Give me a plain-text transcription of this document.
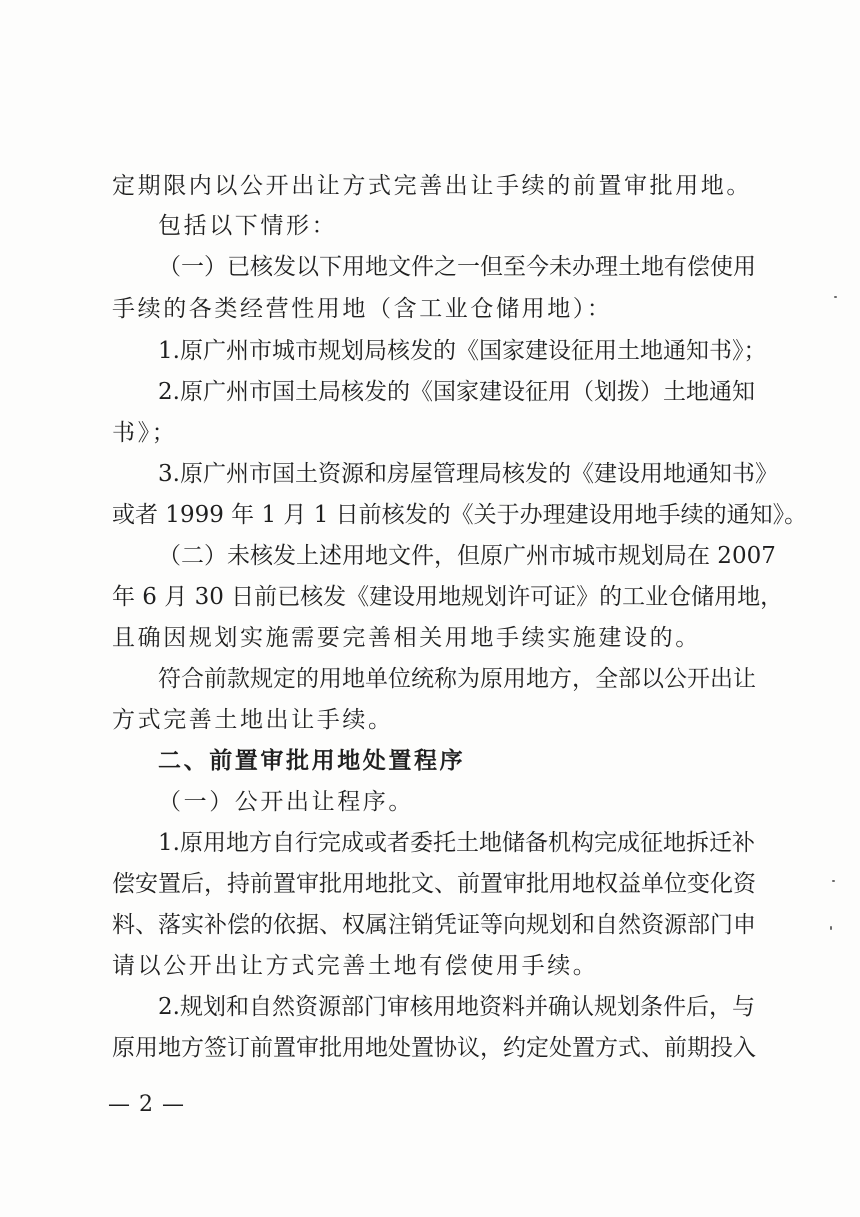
定期限内以公开出让方式完善出让手续的前置审批用地。
包括以下情形：
（一）已核发以下用地文件之一但至今未办理土地有偿使用
手续的各类经营性用地（含工业仓储用地）：
1.原广州市城市规划局核发的《国家建设征用土地通知书》；
2.原广州市国土局核发的《国家建设征用（划拨）土地通知
书》；
3.原广州市国土资源和房屋管理局核发的《建设用地通知书》
或者 1999 年 1 月 1 日前核发的《关于办理建设用地手续的通知》。
（二）未核发上述用地文件，但原广州市城市规划局在 2007
年 6 月 30 日前已核发《建设用地规划许可证》的工业仓储用地，
且确因规划实施需要完善相关用地手续实施建设的。
符合前款规定的用地单位统称为原用地方，全部以公开出让
方式完善土地出让手续。
二、前置审批用地处置程序
（一）公开出让程序。
1.原用地方自行完成或者委托土地储备机构完成征地拆迁补
偿安置后，持前置审批用地批文、前置审批用地权益单位变化资
料、落实补偿的依据、权属注销凭证等向规划和自然资源部门申
请以公开出让方式完善土地有偿使用手续。
2.规划和自然资源部门审核用地资料并确认规划条件后，与
原用地方签订前置审批用地处置协议，约定处置方式、前期投入
— 2 —
